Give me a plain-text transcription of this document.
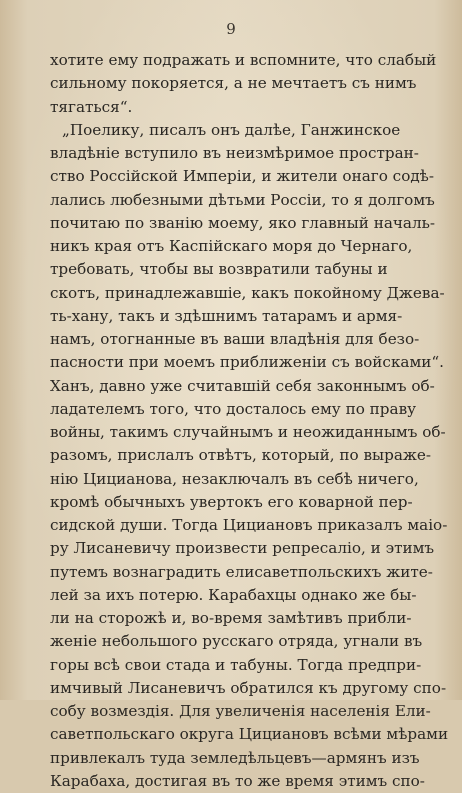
9
хотите ему подражать и вспомните, что слабый
сильному покоряется, а не мечтаетъ съ нимъ
тягаться“.
„Поелику, писалъ онъ далѣе, Ганжинское
владѣніе вступило въ неизмѣримое простран-
ство Россійской Имперіи, и жители онаго содѣ-
лались любезными дѣтьми Россіи, то я долгомъ
почитаю по званію моему, яко главный началь-
никъ края отъ Каспійскаго моря до Чернаго,
требовать, чтобы вы возвратили табуны и
скотъ, принадлежавшіе, какъ покойному Джева-
ть-хану, такъ и здѣшнимъ татарамъ и армя-
намъ, отогнанные въ ваши владѣнія для безо-
пасности при моемъ приближеніи съ войсками“.
Ханъ, давно уже считавшій себя законнымъ об-
ладателемъ того, что досталось ему по праву
войны, такимъ случайнымъ и неожиданнымъ об-
разомъ, прислалъ отвѣтъ, который, по выраже-
нію Цицианова, незаключалъ въ себѣ ничего,
кромѣ обычныхъ увертокъ его коварной пер-
сидской души. Тогда Цициановъ приказалъ маіо-
ру Лисаневичу произвести репресаліо, и этимъ
путемъ вознаградить елисаветпольскихъ жите-
лей за ихъ потерю. Карабахцы однако же бы-
ли на сторожѣ и, во-время замѣтивъ прибли-
женіе небольшого русскаго отряда, угнали въ
горы всѣ свои стада и табуны. Тогда предпри-
имчивый Лисаневичъ обратился къ другому спо-
собу возмездія. Для увеличенія населенія Ели-
саветпольскаго округа Цициановъ всѣми мѣрами
привлекалъ туда земледѣльцевъ—армянъ изъ
Карабаха, достигая въ то же время этимъ спо-
